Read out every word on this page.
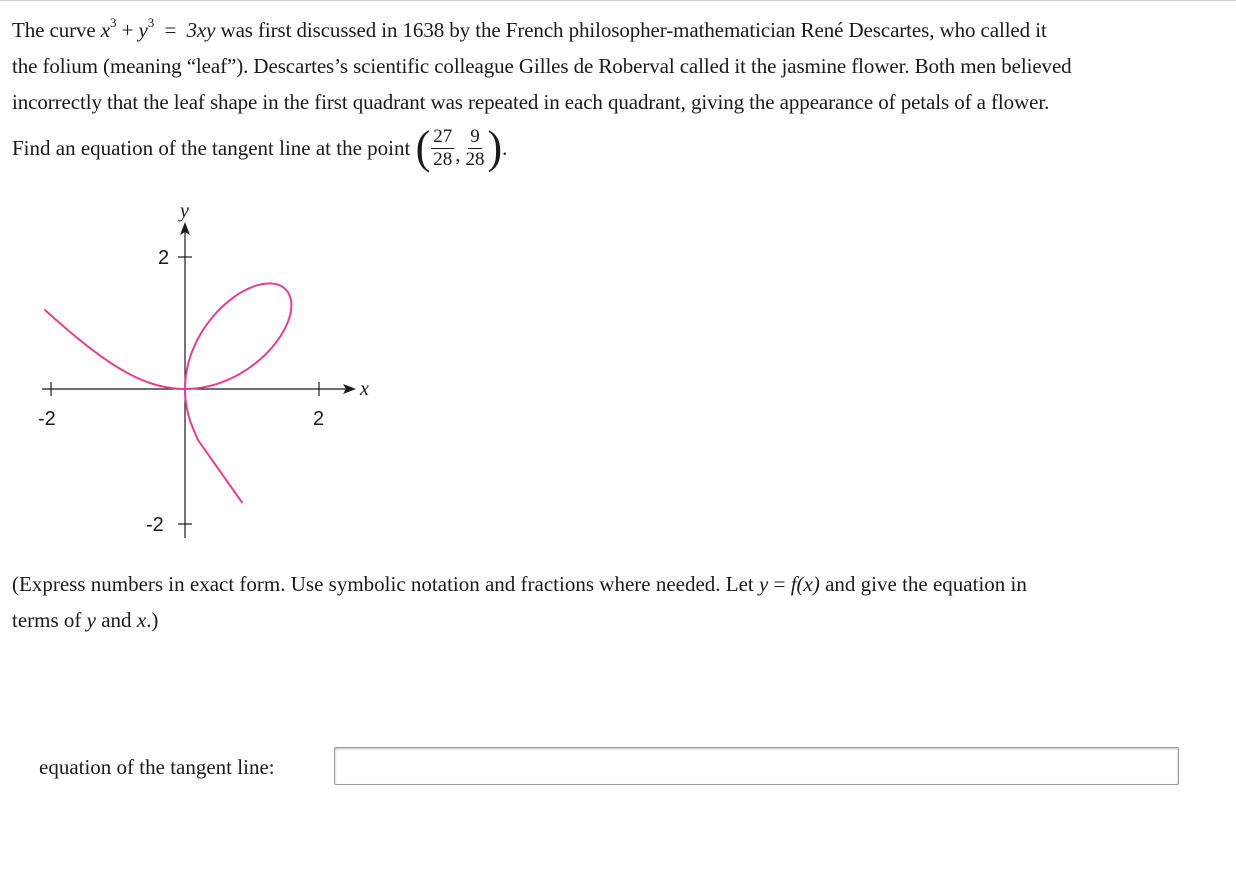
The curve $x^3 + y^3 = 3xy$ was first discussed in 1638 by the French philosopher-mathematician René Descartes, who called it
the folium (meaning “leaf”). Descartes’s scientific colleague Gilles de Roberval called it the jasmine flower. Both men believed
incorrectly that the leaf shape in the first quadrant was repeated in each quadrant, giving the appearance of petals of a flower.
Find an equation of the tangent line at the point
( $\frac{27}{28}$ , $\frac{9}{28}$ ) .
-2	2
2
-2
x
y
(Express numbers in exact form. Use symbolic notation and fractions where needed. Let y = f(x) and give the equation in
terms of y and x.)
equation of the tangent line:
